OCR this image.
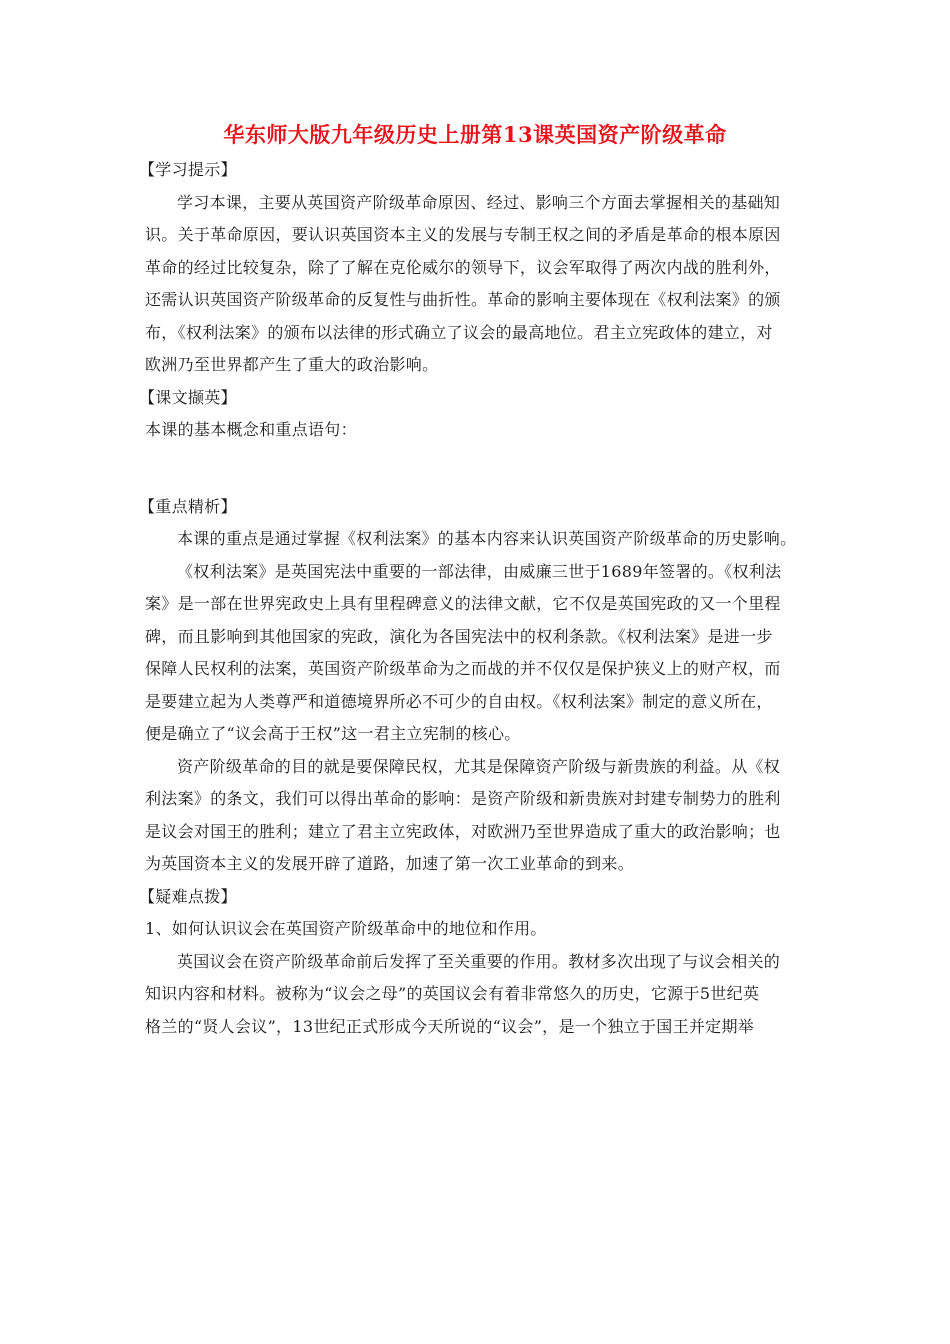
华东师大版九年级历史上册第13课英国资产阶级革命

【学习提示】

学习本课，主要从英国资产阶级革命原因、经过、影响三个方面去掌握相关的基础知

识。关于革命原因，要认识英国资本主义的发展与专制王权之间的矛盾是革命的根本原因

革命的经过比较复杂，除了了解在克伦威尔的领导下，议会军取得了两次内战的胜利外，

还需认识英国资产阶级革命的反复性与曲折性。革命的影响主要体现在《权利法案》的颁

布，《权利法案》的颁布以法律的形式确立了议会的最高地位。君主立宪政体的建立，对

欧洲乃至世界都产生了重大的政治影响。

【课文撷英】

本课的基本概念和重点语句：

【重点精析】

本课的重点是通过掌握《权利法案》的基本内容来认识英国资产阶级革命的历史影响。

《权利法案》是英国宪法中重要的一部法律，由威廉三世于1689年签署的。《权利法

案》是一部在世界宪政史上具有里程碑意义的法律文献，它不仅是英国宪政的又一个里程

碑，而且影响到其他国家的宪政，演化为各国宪法中的权利条款。《权利法案》是进一步

保障人民权利的法案，英国资产阶级革命为之而战的并不仅仅是保护狭义上的财产权，而

是要建立起为人类尊严和道德境界所必不可少的自由权。《权利法案》制定的意义所在，

便是确立了“议会高于王权”这一君主立宪制的核心。

资产阶级革命的目的就是要保障民权，尤其是保障资产阶级与新贵族的利益。从《权

利法案》的条文，我们可以得出革命的影响：是资产阶级和新贵族对封建专制势力的胜利

是议会对国王的胜利；建立了君主立宪政体，对欧洲乃至世界造成了重大的政治影响；也

为英国资本主义的发展开辟了道路，加速了第一次工业革命的到来。

【疑难点拨】

1、如何认识议会在英国资产阶级革命中的地位和作用。

英国议会在资产阶级革命前后发挥了至关重要的作用。教材多次出现了与议会相关的

知识内容和材料。被称为“议会之母”的英国议会有着非常悠久的历史，它源于5世纪英

格兰的“贤人会议”，13世纪正式形成今天所说的“议会”，是一个独立于国王并定期举
